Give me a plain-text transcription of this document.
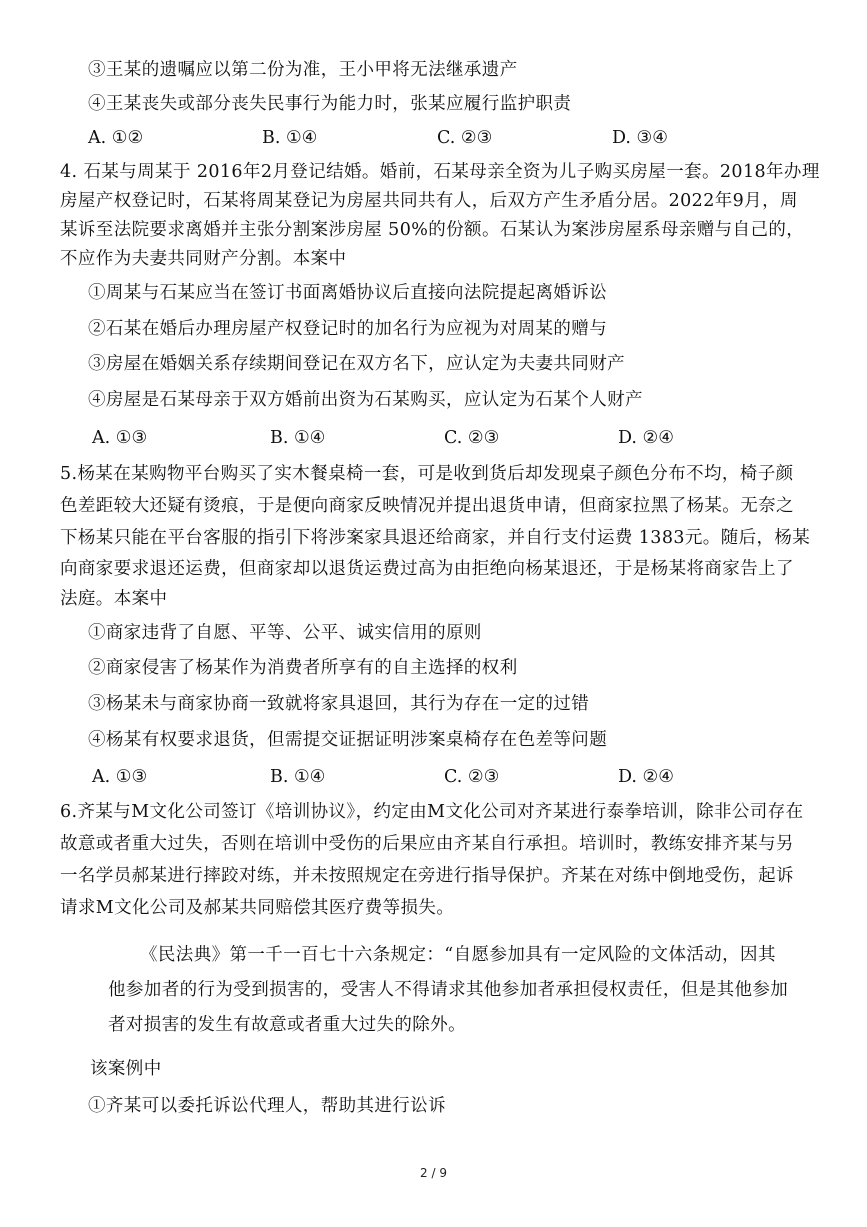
③王某的遗嘱应以第二份为准，王小甲将无法继承遗产
④王某丧失或部分丧失民事行为能力时，张某应履行监护职责
A. ①②	B. ①④	C. ②③	D. ③④
4. 石某与周某于 2016年2月登记结婚。婚前，石某母亲全资为儿子购买房屋一套。2018年办理
房屋产权登记时，石某将周某登记为房屋共同共有人，后双方产生矛盾分居。2022年9月，周
某诉至法院要求离婚并主张分割案涉房屋 50%的份额。石某认为案涉房屋系母亲赠与自己的，
不应作为夫妻共同财产分割。本案中
①周某与石某应当在签订书面离婚协议后直接向法院提起离婚诉讼
②石某在婚后办理房屋产权登记时的加名行为应视为对周某的赠与
③房屋在婚姻关系存续期间登记在双方名下，应认定为夫妻共同财产
④房屋是石某母亲于双方婚前出资为石某购买，应认定为石某个人财产
A. ①③	B. ①④	C. ②③	D. ②④
5.杨某在某购物平台购买了实木餐桌椅一套，可是收到货后却发现桌子颜色分布不均，椅子颜
色差距较大还疑有烫痕，于是便向商家反映情况并提出退货申请，但商家拉黑了杨某。无奈之
下杨某只能在平台客服的指引下将涉案家具退还给商家，并自行支付运费 1383元。随后，杨某
向商家要求退还运费，但商家却以退货运费过高为由拒绝向杨某退还，于是杨某将商家告上了
法庭。本案中
①商家违背了自愿、平等、公平、诚实信用的原则
②商家侵害了杨某作为消费者所享有的自主选择的权利
③杨某未与商家协商一致就将家具退回，其行为存在一定的过错
④杨某有权要求退货，但需提交证据证明涉案桌椅存在色差等问题
A. ①③	B. ①④	C. ②③	D. ②④
6.齐某与M文化公司签订《培训协议》，约定由M文化公司对齐某进行泰拳培训，除非公司存在
故意或者重大过失，否则在培训中受伤的后果应由齐某自行承担。培训时，教练安排齐某与另
一名学员郝某进行摔跤对练，并未按照规定在旁进行指导保护。齐某在对练中倒地受伤，起诉
请求M文化公司及郝某共同赔偿其医疗费等损失。
《民法典》第一千一百七十六条规定：“自愿参加具有一定风险的文体活动，因其
他参加者的行为受到损害的，受害人不得请求其他参加者承担侵权责任，但是其他参加
者对损害的发生有故意或者重大过失的除外。
该案例中
①齐某可以委托诉讼代理人，帮助其进行讼诉
2 / 9
